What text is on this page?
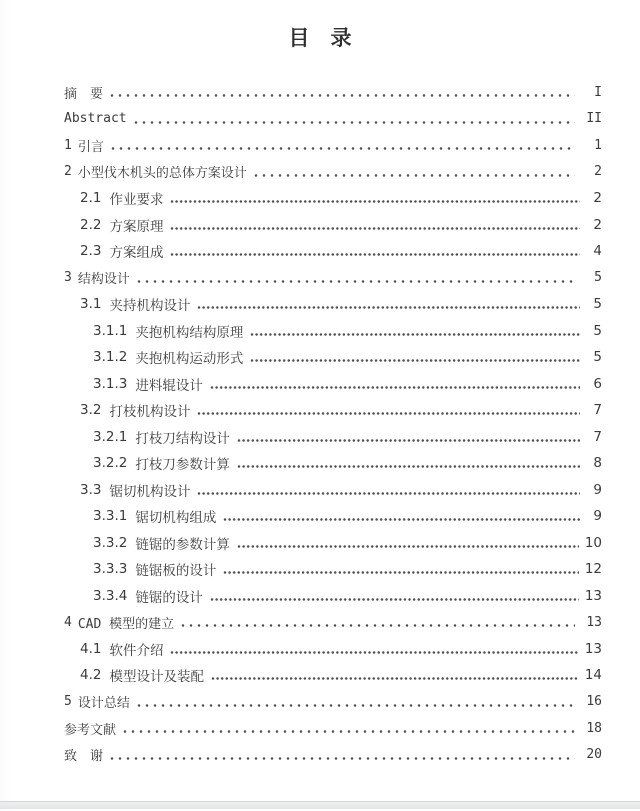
目　录
摘　要	I
Abstract	II
1 引言	1
2 小型伐木机头的总体方案设计	2
2.1 作业要求	2
2.2 方案原理	2
2.3 方案组成	4
3 结构设计	5
3.1 夹持机构设计	5
3.1.1 夹抱机构结构原理	5
3.1.2 夹抱机构运动形式	5
3.1.3 进料辊设计	6
3.2 打枝机构设计	7
3.2.1 打枝刀结构设计	7
3.2.2 打枝刀参数计算	8
3.3 锯切机构设计	9
3.3.1 锯切机构组成	9
3.3.2 链锯的参数计算	10
3.3.3 链锯板的设计	12
3.3.4 链锯的设计	13
4 CAD 模型的建立	13
4.1 软件介绍	13
4.2 模型设计及装配	14
5 设计总结	16
参考文献	18
致　谢	20
